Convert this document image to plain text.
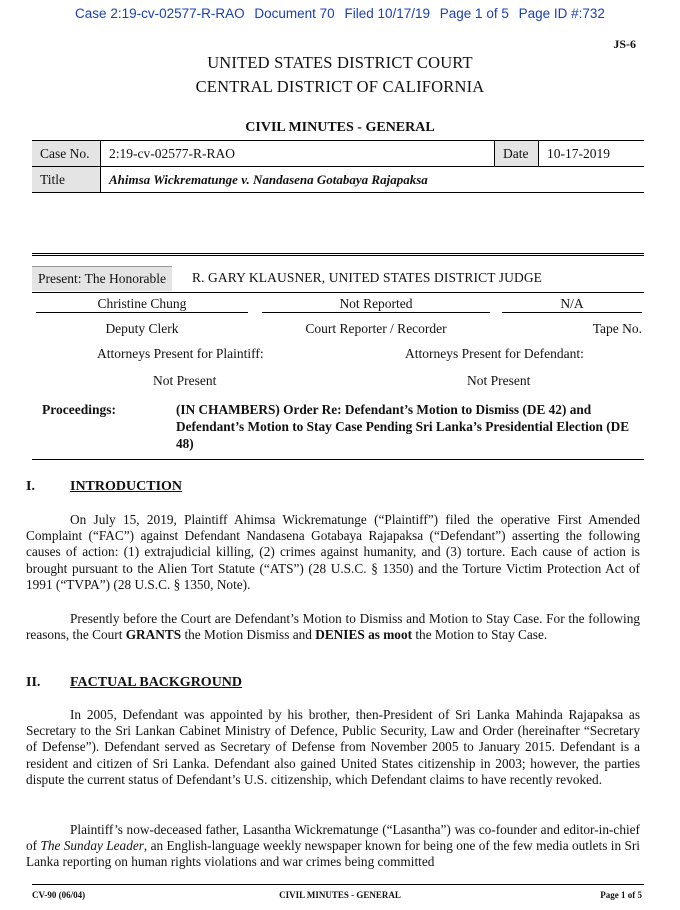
Case 2:19-cv-02577-R-RAO Document 70 Filed 10/17/19 Page 1 of 5 Page ID #:732
JS-6
UNITED STATES DISTRICT COURT
CENTRAL DISTRICT OF CALIFORNIA
CIVIL MINUTES - GENERAL
Case No.	2:19-cv-02577-R-RAO	Date	10-17-2019
Title	Ahimsa Wickrematunge v. Nandasena Gotabaya Rajapaksa
Present: The Honorable	R. GARY KLAUSNER, UNITED STATES DISTRICT JUDGE
Christine Chung	Not Reported	N/A
Deputy Clerk	Court Reporter / Recorder	Tape No.
Attorneys Present for Plaintiff:	Attorneys Present for Defendant:
Not Present	Not Present
Proceedings:	(IN CHAMBERS) Order Re: Defendant’s Motion to Dismiss (DE 42) and Defendant’s Motion to Stay Case Pending Sri Lanka’s Presidential Election (DE 48)
I.	INTRODUCTION
On July 15, 2019, Plaintiff Ahimsa Wickrematunge (“Plaintiff”) filed the operative First Amended Complaint (“FAC”) against Defendant Nandasena Gotabaya Rajapaksa (“Defendant”) asserting the following causes of action: (1) extrajudicial killing, (2) crimes against humanity, and (3) torture. Each cause of action is brought pursuant to the Alien Tort Statute (“ATS”) (28 U.S.C. § 1350) and the Torture Victim Protection Act of 1991 (“TVPA”) (28 U.S.C. § 1350, Note).
Presently before the Court are Defendant’s Motion to Dismiss and Motion to Stay Case. For the following reasons, the Court GRANTS the Motion Dismiss and DENIES as moot the Motion to Stay Case.
II. FACTUAL BACKGROUND
In 2005, Defendant was appointed by his brother, then-President of Sri Lanka Mahinda Rajapaksa as Secretary to the Sri Lankan Cabinet Ministry of Defence, Public Security, Law and Order (hereinafter “Secretary of Defense”). Defendant served as Secretary of Defense from November 2005 to January 2015. Defendant is a resident and citizen of Sri Lanka. Defendant also gained United States citizenship in 2003; however, the parties dispute the current status of Defendant’s U.S. citizenship, which Defendant claims to have recently revoked.
Plaintiff’s now-deceased father, Lasantha Wickrematunge (“Lasantha”) was co-founder and editor-in-chief of The Sunday Leader, an English-language weekly newspaper known for being one of the few media outlets in Sri Lanka reporting on human rights violations and war crimes being committed
CV-90 (06/04)	CIVIL MINUTES - GENERAL	Page 1 of 5
